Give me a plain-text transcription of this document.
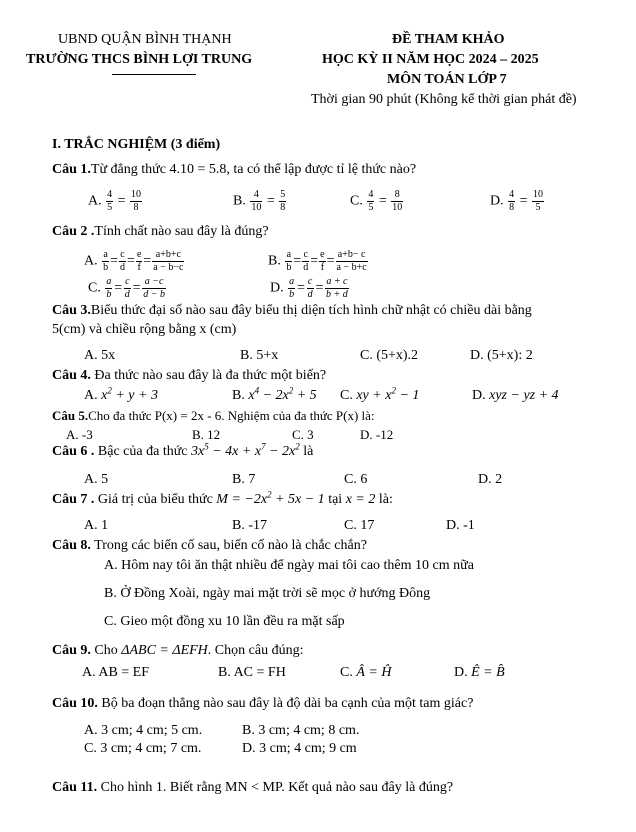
UBND QUẬN BÌNH THẠNH
TRƯỜNG THCS BÌNH LỢI TRUNG
ĐỀ THAM KHẢO
HỌC KỲ II NĂM HỌC 2024 – 2025
MÔN TOÁN LỚP 7
Thời gian 90 phút (Không kể thời gian phát đề)
I. TRẮC NGHIỆM (3 điểm)
Câu 1.Từ đẳng thức 4.10 = 5.8, ta có thể lập được tỉ lệ thức nào?
A. $\frac{4}{5} = \frac{10}{8}$	B. $\frac{4}{10} = \frac{5}{8}$	C. $\frac{4}{5} = \frac{8}{10}$	D. $\frac{4}{8} = \frac{10}{5}$
Câu 2 .Tính chất nào sau đây là đúng?
A. $\frac{a}{b} = \frac{c}{d} = \frac{e}{f} = \frac{a+b+c}{a - b-c}$	B. $\frac{a}{b} = \frac{c}{d} = \frac{e}{f} = \frac{a+b- c}{a - b+c}$
C. $\frac{a}{b} = \frac{c}{d} = \frac{a -c}{d - b}$	D. $\frac{a}{b} = \frac{c}{d} = \frac{a + c}{b + d}$
Câu 3.Biểu thức đại số nào sau đây biểu thị diện tích hình chữ nhật có chiều dài bằng
5(cm) và chiều rộng bằng x (cm)
A. 5x	B. 5+x	C. (5+x).2	D. (5+x): 2
Câu 4. Đa thức nào sau đây là đa thức một biến?
A. $x^2 + y + 3$	B. $x^4 - 2x^2 + 5$ C. xy + $x^2 - 1$	D. xyz − yz + 4
Câu 5.Cho đa thức P(x) = 2x - 6. Nghiệm của đa thức P(x) là:
A. -3	B. 12	C. 3	D. -12
Câu 6 . Bậc của đa thức $3x^5 - 4x + x^7 - 2x^2$ là
A. 5	B. 7	C. 6	D. 2
Câu 7 . Giá trị của biểu thức $M = -2x^2 + 5x - 1$ tại x = 2 là:
A. 1	B. -17	C. 17	D. -1
Câu 8. Trong các biến cố sau, biến cố nào là chắc chắn?
A. Hôm nay tôi ăn thật nhiều để ngày mai tôi cao thêm 10 cm nữa
B. Ở Đồng Xoài, ngày mai mặt trời sẽ mọc ở hướng Đông
C. Gieo một đồng xu 10 lần đều ra mặt sấp
Câu 9. Cho ΔABC = ΔEFH. Chọn câu đúng:
A. AB = EF	B. AC = FH	C. Â = Ĥ	D. Ê = B̂
Câu 10. Bộ ba đoạn thẳng nào sau đây là độ dài ba cạnh của một tam giác?
A. 3 cm; 4 cm; 5 cm.	B. 3 cm; 4 cm; 8 cm.
C. 3 cm; 4 cm; 7 cm.	D. 3 cm; 4 cm; 9 cm
Câu 11. Cho hình 1. Biết rằng MN < MP. Kết quả nào sau đây là đúng?
